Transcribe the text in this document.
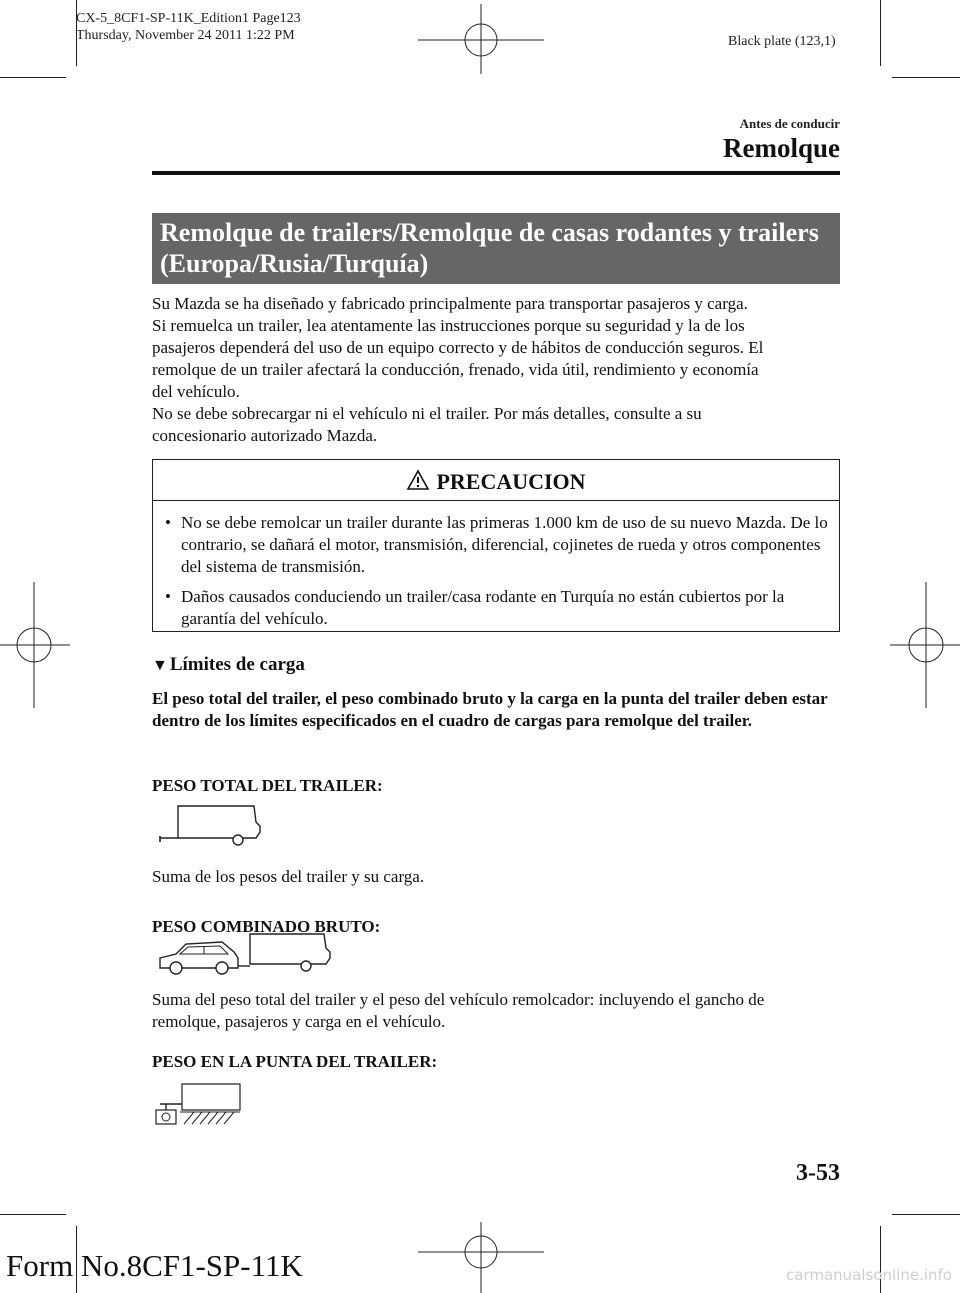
CX-5_8CF1-SP-11K_Edition1 Page123
Thursday, November 24 2011 1:22 PM	Black plate (123,1)
Antes de conducir
Remolque
Remolque de trailers/Remolque de casas rodantes y trailers
(Europa/Rusia/Turquía)
Su Mazda se ha diseñado y fabricado principalmente para transportar pasajeros y carga.
Si remuelca un trailer, lea atentamente las instrucciones porque su seguridad y la de los
pasajeros dependerá del uso de un equipo correcto y de hábitos de conducción seguros. El
remolque de un trailer afectará la conducción, frenado, vida útil, rendimiento y economía
del vehículo.
No se debe sobrecargar ni el vehículo ni el trailer. Por más detalles, consulte a su
concesionario autorizado Mazda.
PRECAUCION
• No se debe remolcar un trailer durante las primeras 1.000 km de uso de su nuevo Mazda. De lo contrario, se dañará el motor, transmisión, diferencial, cojinetes de rueda y otros componentes del sistema de transmisión.
• Daños causados conduciendo un trailer/casa rodante en Turquía no están cubiertos por la garantía del vehículo.
▼ Límites de carga
El peso total del trailer, el peso combinado bruto y la carga en la punta del trailer deben estar dentro de los límites especificados en el cuadro de cargas para remolque del trailer.
PESO TOTAL DEL TRAILER:
Suma de los pesos del trailer y su carga.
PESO COMBINADO BRUTO:
Suma del peso total del trailer y el peso del vehículo remolcador: incluyendo el gancho de
remolque, pasajeros y carga en el vehículo.
PESO EN LA PUNTA DEL TRAILER:
3-53
Form No.8CF1-SP-11K	carmanualsonline.info
